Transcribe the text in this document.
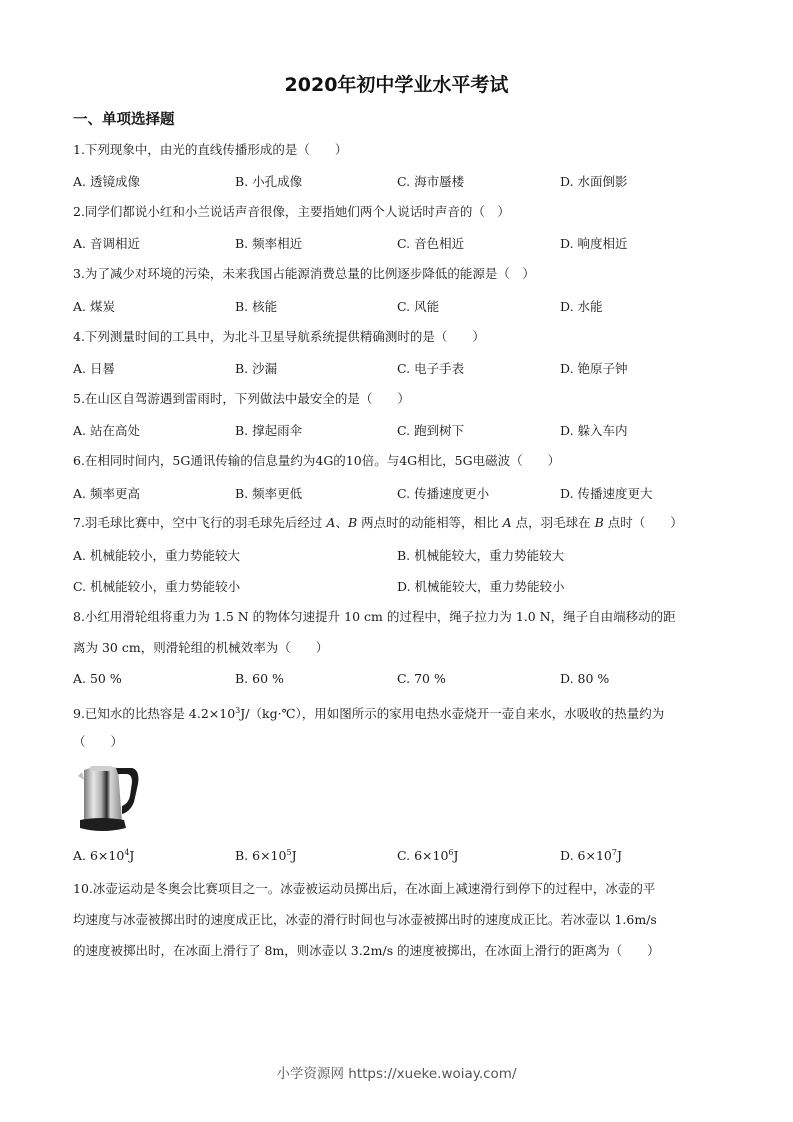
2020年初中学业水平考试
一、单项选择题
1.下列现象中，由光的直线传播形成的是（　　）
A. 透镜成像	B. 小孔成像	C. 海市蜃楼	D. 水面倒影
2.同学们都说小红和小兰说话声音很像，主要指她们两个人说话时声音的（　）
A. 音调相近	B. 频率相近	C. 音色相近	D. 响度相近
3.为了减少对环境的污染，未来我国占能源消费总量的比例逐步降低的能源是（　）
A. 煤炭	B. 核能	C. 风能	D. 水能
4.下列测量时间的工具中，为北斗卫星导航系统提供精确测时的是（　　）
A. 日晷	B. 沙漏	C. 电子手表	D. 铯原子钟
5.在山区自驾游遇到雷雨时，下列做法中最安全的是（　　）
A. 站在高处	B. 撑起雨伞	C. 跑到树下	D. 躲入车内
6.在相同时间内，5G通讯传输的信息量约为4G的10倍。与4G相比，5G电磁波（　　）
A. 频率更高	B. 频率更低	C. 传播速度更小	D. 传播速度更大
7.羽毛球比赛中，空中飞行的羽毛球先后经过 A、B 两点时的动能相等，相比 A 点，羽毛球在 B 点时（　　）
A. 机械能较小，重力势能较大	B. 机械能较大，重力势能较大
C. 机械能较小，重力势能较小	D. 机械能较大，重力势能较小
8.小红用滑轮组将重力为 1.5 N 的物体匀速提升 10 cm 的过程中，绳子拉力为 1.0 N，绳子自由端移动的距
离为 30 cm，则滑轮组的机械效率为（　　）
A. 50 %	B. 60 %	C. 70 %	D. 80 %
9.已知水的比热容是 $4.2\times 10^3J/(kg\cdot℃)$，用如图所示的家用电热水壶烧开一壶自来水，水吸收的热量约为
（　　）
A. $6\times 10^4J$	B. $6\times 10^5J$	C. $6\times 10^6J$	D. $6\times 10^7J$
10.冰壶运动是冬奥会比赛项目之一。冰壶被运动员掷出后，在冰面上减速滑行到停下的过程中，冰壶的平
均速度与冰壶被掷出时的速度成正比，冰壶的滑行时间也与冰壶被掷出时的速度成正比。若冰壶以 1.6m/s
的速度被掷出时，在冰面上滑行了 8m，则冰壶以 3.2m/s 的速度被掷出，在冰面上滑行的距离为（　　）
小学资源网 https://xueke.woiay.com/
